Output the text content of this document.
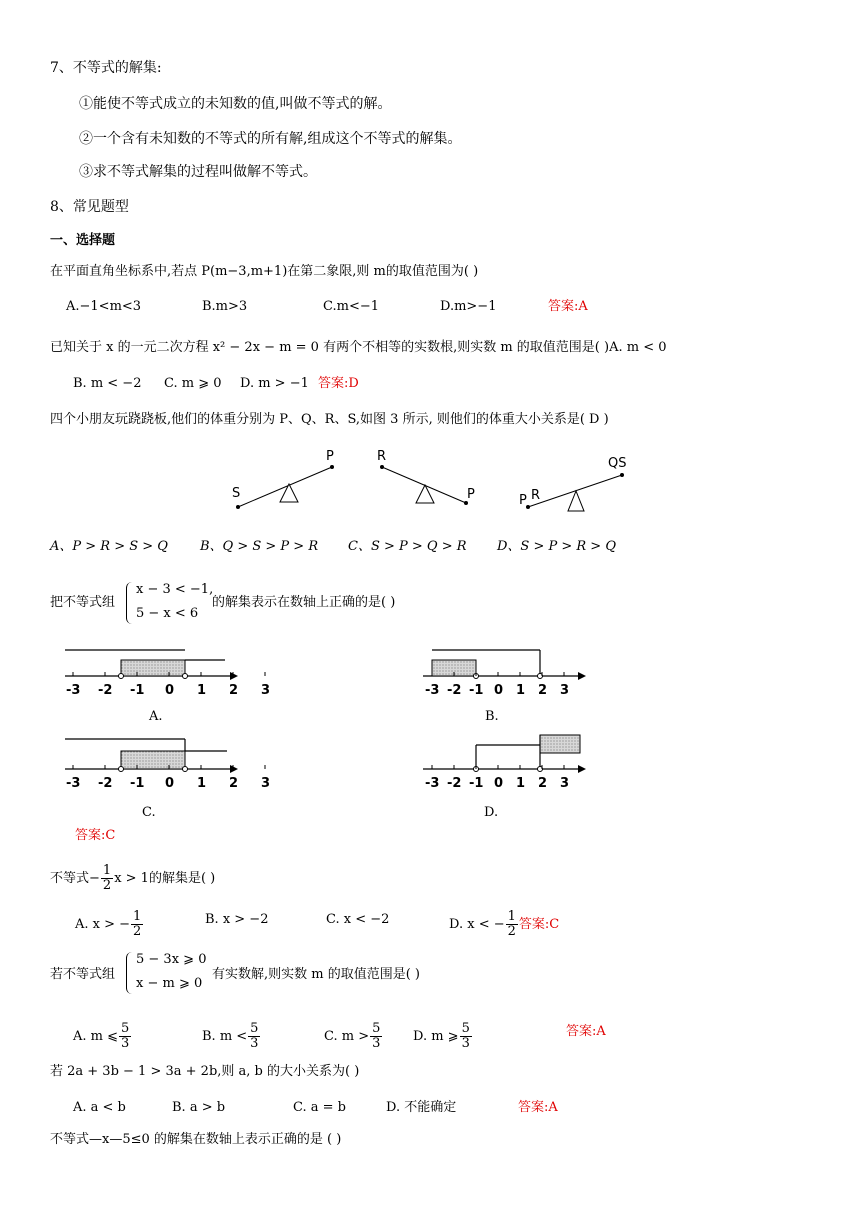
7、不等式的解集:
①能使不等式成立的未知数的值,叫做不等式的解。
②一个含有未知数的不等式的所有解,组成这个不等式的解集。
③求不等式解集的过程叫做解不等式。
8、常见题型
一、选择题
在平面直角坐标系中,若点 P(m−3,m+1)在第二象限,则 m的取值范围为( )
A.−1<m<3	B.m>3	C.m<−1	D.m>−1	答案:A
已知关于 x 的一元二次方程 x² − 2x − m = 0 有两个不相等的实数根,则实数 m 的取值范围是( )A. m < 0
B. m < −2 C. m ⩾ 0 D. m > −1 答案:D
四个小朋友玩跷跷板,他们的体重分别为 P、Q、R、S,如图 3 所示, 则他们的体重大小关系是( D )
S
P	R
P	P R
QS
A、P > R > S > Q B、Q > S > P > R C、S > P > Q > R D、S > P > R > Q
把不等式组
x − 3 < −1,
5 − x < 6
的解集表示在数轴上正确的是( )
-3 -2 -1 0 1 2 3
A.
-3 -2 -1 0 1 2 3
B.
-3 -2 -1 0 1 2 3
C.
-3 -2 -1 0 1 2 3
D.
答案:C
不等式− $\frac{1}{2}$ x > 1的解集是( )
A. x > − $\frac{1}{2}$	B. x > −2	C. x < −2	D. x < − $\frac{1}{2}$ 答案:C
若不等式组
5 − 3x ⩾ 0
x − m ⩾ 0
有实数解,则实数 m 的取值范围是( )
A. m ⩽ $\frac{5}{3}$	B. $m < \frac{5}{3}$	C. $m > \frac{5}{3} D$. m ⩾ $\frac{5}{3}$	答案:A
若 2a + 3b − 1 > 3a + 2b,则 a, b 的大小关系为( )
A. a < b	B. a > b	C. a = b	D. 不能确定	答案:A
不等式—x—5≤0 的解集在数轴上表示正确的是 ( )
